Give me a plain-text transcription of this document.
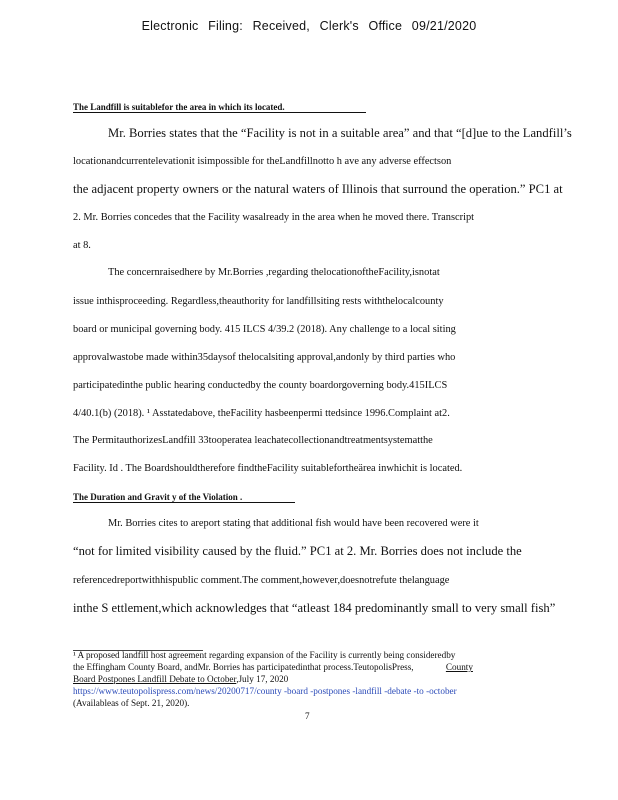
Electronic Filing: Received, Clerk's Office 09/21/2020
The Landfill is suitablefor the area in which its located.
Mr. Borries states that the “Facility is not in a suitable area” and that “[d]ue to the Landfill’s
locationandcurrentelevationit isimpossible for theLandfillnotto h ave any adverse effectson
the adjacent property owners or the natural waters of Illinois that surround the operation.” PC1 at
2. Mr. Borries concedes that the Facility wasalready in the area when he moved there. Transcript
at 8.
The concernraisedhere by Mr.Borries ,regarding thelocationoftheFacility,isnotat
issue inthisproceeding. Regardless,theauthority for landfillsiting rests withthelocalcounty
board or municipal governing body. 415 ILCS 4/39.2 (2018). Any challenge to a local siting
approvalwastobe made within35daysof thelocalsiting approval,andonly by third parties who
participatedinthe public hearing conductedby the county boardorgoverning body.415ILCS
4/40.1(b) (2018). ¹ Asstatedabove, theFacility hasbeenpermi ttedsince 1996.Complaint at2.
The PermitauthorizesLandfill 33tooperatea leachatecollectionandtreatmentsystematthe
Facility. Id . The Boardshouldtherefore findtheFacility suitablefortheärea inwhichit is located.
The Duration and Gravit y of the Violation .
Mr. Borries cites to areport stating that additional fish would have been recovered were it
“not for limited visibility caused by the fluid.” PC1 at 2. Mr. Borries does not include the
referencedreportwithhispublic comment.The comment,however,doesnotrefute thelanguage
inthe S ettlement,which acknowledges that “atleast 184 predominantly small to very small fish”
¹ A proposed landfill host agreement regarding expansion of the Facility is currently being consideredby
the Effingham County Board, andMr. Borries has participatedinthat process.TeutopolisPress,	County
Board Postpones Landfill Debate to October,July 17, 2020
https://www.teutopolispress.com/news/20200717/county -board -postpones -landfill -debate -to -october
(Availableas of Sept. 21, 2020).
7
